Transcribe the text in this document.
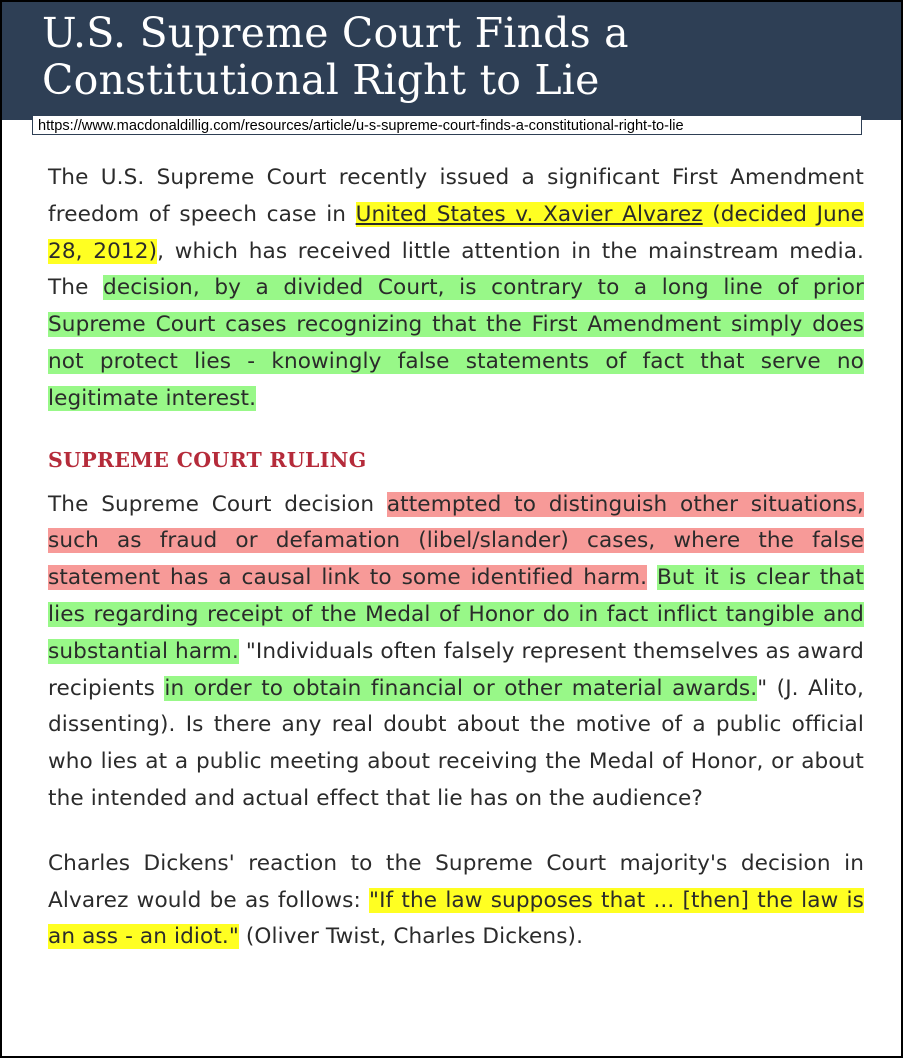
U.S. Supreme Court Finds a Constitutional Right to Lie
https://www.macdonaldillig.com/resources/article/u-s-supreme-court-finds-a-constitutional-right-to-lie

The U.S. Supreme Court recently issued a significant First Amendment freedom of speech case in United States v. Xavier Alvarez (decided June 28, 2012), which has received little attention in the mainstream media. The decision, by a divided Court, is contrary to a long line of prior Supreme Court cases recognizing that the First Amendment simply does not protect lies - knowingly false statements of fact that serve no legitimate interest.

SUPREME COURT RULING

The Supreme Court decision attempted to distinguish other situations, such as fraud or defamation (libel/slander) cases, where the false statement has a causal link to some identified harm. But it is clear that lies regarding receipt of the Medal of Honor do in fact inflict tangible and substantial harm. "Individuals often falsely represent themselves as award recipients in order to obtain financial or other material awards." (J. Alito, dissenting). Is there any real doubt about the motive of a public official who lies at a public meeting about receiving the Medal of Honor, or about the intended and actual effect that lie has on the audience?

Charles Dickens' reaction to the Supreme Court majority's decision in Alvarez would be as follows: "If the law supposes that ... [then] the law is an ass - an idiot." (Oliver Twist, Charles Dickens).
